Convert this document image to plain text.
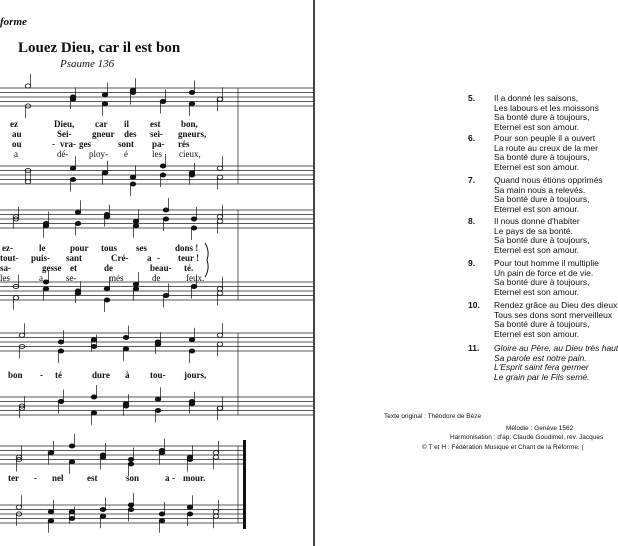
forme
Louez Dieu, car il est bon
Psaume 136
ez	Dieu, car il est bon,
au	Sei- gneur des sei- gneurs,
ou	- vra- ges	sont pa- rés
a	dé- ploy- é	les cieux,
ez-	le	pour tous ses	dons !
tout- puis- sant	Cré- a - teur !
sa-	gesse et	de	beau- té.
les	a	se-	més	de	feux.
bon - té	dure à tou- jours,
ter - nel	est	son	a - mour.
5. Il a donné les saisons,
Les labours et les moissons
Sa bonté dure à toujours,
Eternel est son amour.
6. Pour son peuple il a ouvert
La route au creux de la mer
Sa bonté dure à toujours,
Eternel est son amour.
7. Quand nous étions opprimés
Sa main nous a relevés.
Sa bonté dure à toujours,
Eternel est son amour.
8. Il nous donne d'habiter
Le pays de sa bonté.
Sa bonté dure à toujours,
Eternel est son amour.
9. Pour tout homme il multiplie
Un pain de force et de vie.
Sa bonté dure à toujours,
Eternel est son amour.
10. Rendez grâce au Dieu des dieux
Tous ses dons sont merveilleux
Sa bonté dure à toujours,
Eternel est son amour.
11. Gloire au Père, au Dieu très haut
Sa parole est notre pain.
L'Esprit saint fera germer
Le grain par le Fils semé.
Texte original : Théodore de Bèze
Mélodie : Genève 1562
Harmonisation : d'ap. Claude Goudimel, rév. Jacques
© T et H : Fédération Musique et Chant de la Réforme, (
